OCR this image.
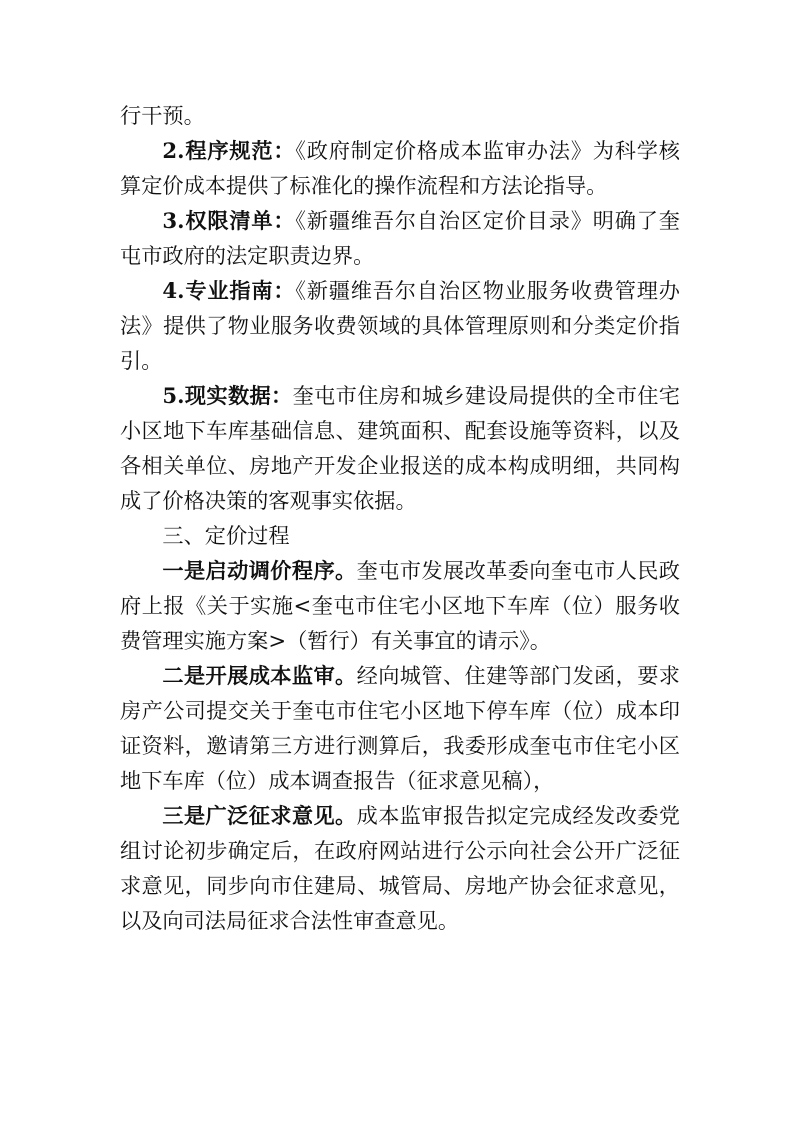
行干预。

2.程序规范：《政府制定价格成本监审办法》为科学核算定价成本提供了标准化的操作流程和方法论指导。

3.权限清单：《新疆维吾尔自治区定价目录》明确了奎屯市政府的法定职责边界。

4.专业指南：《新疆维吾尔自治区物业服务收费管理办法》提供了物业服务收费领域的具体管理原则和分类定价指引。

5.现实数据：奎屯市住房和城乡建设局提供的全市住宅小区地下车库基础信息、建筑面积、配套设施等资料，以及各相关单位、房地产开发企业报送的成本构成明细，共同构成了价格决策的客观事实依据。

三、定价过程

一是启动调价程序。奎屯市发展改革委向奎屯市人民政府上报《关于实施<奎屯市住宅小区地下车库（位）服务收费管理实施方案>（暂行）有关事宜的请示》。

二是开展成本监审。经向城管、住建等部门发函，要求房产公司提交关于奎屯市住宅小区地下停车库（位）成本印证资料，邀请第三方进行测算后，我委形成奎屯市住宅小区地下车库（位）成本调查报告（征求意见稿），

三是广泛征求意见。成本监审报告拟定完成经发改委党组讨论初步确定后，在政府网站进行公示向社会公开广泛征求意见，同步向市住建局、城管局、房地产协会征求意见，以及向司法局征求合法性审查意见。
